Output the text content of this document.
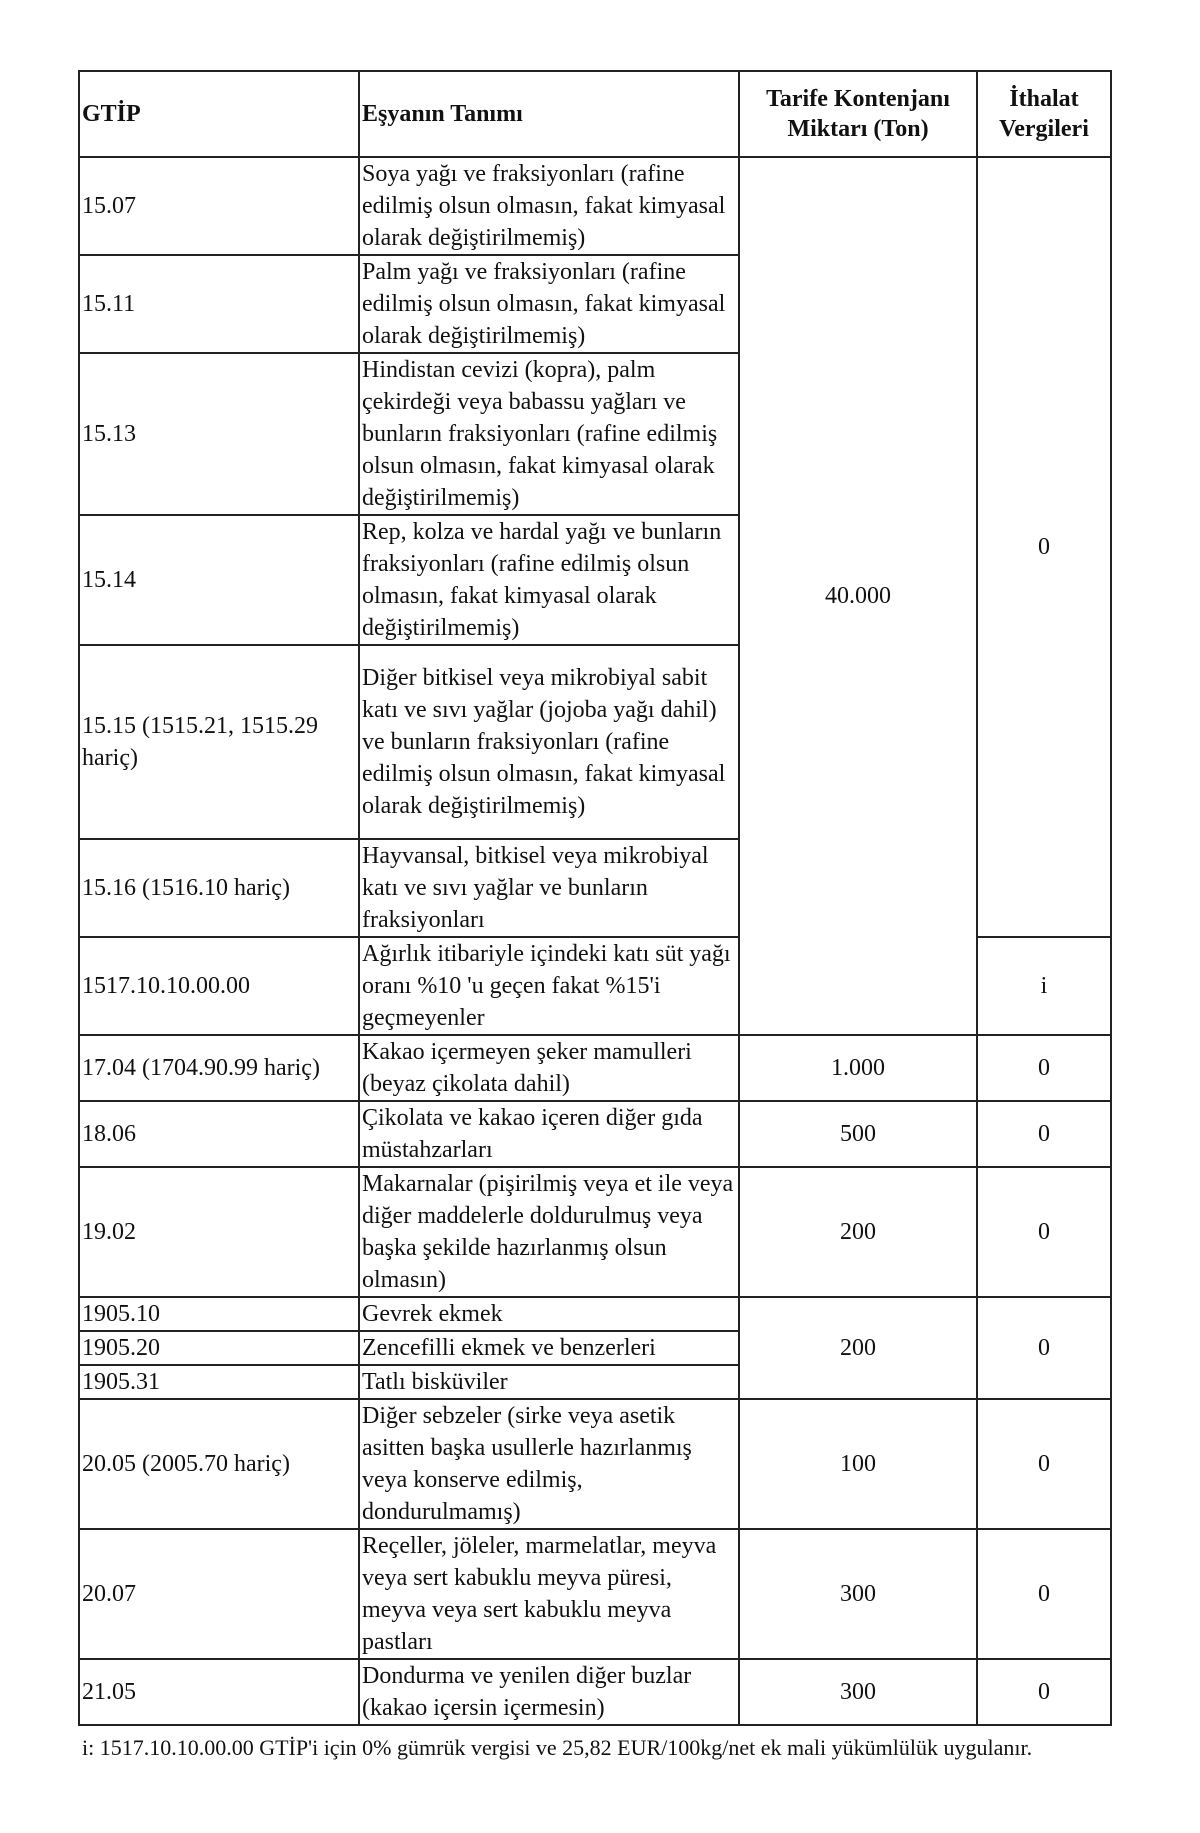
GTİP	Eşyanın Tanımı	Tarife Kontenjanı Miktarı (Ton)	İthalat Vergileri
15.07	Soya yağı ve fraksiyonları (rafine edilmiş olsun olmasın, fakat kimyasal olarak değiştirilmemiş)	40.000	0
15.11	Palm yağı ve fraksiyonları (rafine edilmiş olsun olmasın, fakat kimyasal olarak değiştirilmemiş)		
15.13	Hindistan cevizi (kopra), palm çekirdeği veya babassu yağları ve bunların fraksiyonları (rafine edilmiş olsun olmasın, fakat kimyasal olarak değiştirilmemiş)		
15.14	Rep, kolza ve hardal yağı ve bunların fraksiyonları (rafine edilmiş olsun olmasın, fakat kimyasal olarak değiştirilmemiş)		
15.15 (1515.21, 1515.29 hariç)	Diğer bitkisel veya mikrobiyal sabit katı ve sıvı yağlar (jojoba yağı dahil) ve bunların fraksiyonları (rafine edilmiş olsun olmasın, fakat kimyasal olarak değiştirilmemiş)		
15.16 (1516.10 hariç)	Hayvansal, bitkisel veya mikrobiyal katı ve sıvı yağlar ve bunların fraksiyonları		
1517.10.10.00.00	Ağırlık itibariyle içindeki katı süt yağı oranı %10 'u geçen fakat %15'i geçmeyenler		i
17.04 (1704.90.99 hariç)	Kakao içermeyen şeker mamulleri (beyaz çikolata dahil)	1.000	0
18.06	Çikolata ve kakao içeren diğer gıda müstahzarları	500	0
19.02	Makarnalar (pişirilmiş veya et ile veya diğer maddelerle doldurulmuş veya başka şekilde hazırlanmış olsun olmasın)	200	0
1905.10	Gevrek ekmek	200	0
1905.20	Zencefilli ekmek ve benzerleri		
1905.31	Tatlı bisküviler		
20.05 (2005.70 hariç)	Diğer sebzeler (sirke veya asetik asitten başka usullerle hazırlanmış veya konserve edilmiş, dondurulmamış)	100	0
20.07	Reçeller, jöleler, marmelatlar, meyva veya sert kabuklu meyva püresi, meyva veya sert kabuklu meyva pastları	300	0
21.05	Dondurma ve yenilen diğer buzlar (kakao içersin içermesin)	300	0
i: 1517.10.10.00.00 GTİP'i için 0% gümrük vergisi ve 25,82 EUR/100kg/net ek mali yükümlülük uygulanır.
